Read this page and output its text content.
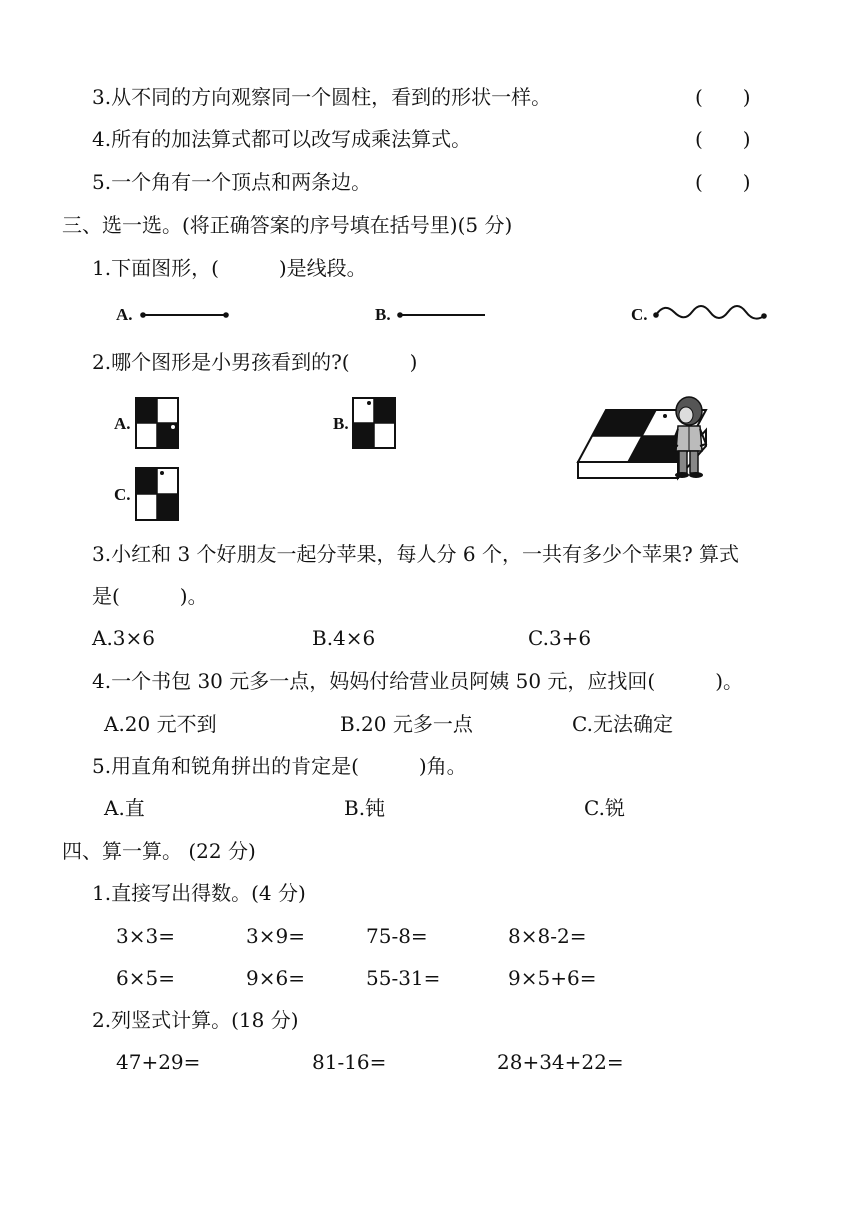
3.从不同的方向观察同一个圆柱，看到的形状一样。	(　　)
4.所有的加法算式都可以改写成乘法算式。	(　　)
5.一个角有一个顶点和两条边。	(　　)
三、选一选。(将正确答案的序号填在括号里)(5 分)
1.下面图形，(　　　)是线段。
A.	B.	C.
2.哪个图形是小男孩看到的?(　　　)
A.	B.
C.
3.小红和 3 个好朋友一起分苹果，每人分 6 个，一共有多少个苹果? 算式
是(　　　)。
A.3×6	B.4×6	C.3+6
4.一个书包 30 元多一点，妈妈付给营业员阿姨 50 元，应找回(　　　)。
A.20 元不到	B.20 元多一点	C.无法确定
5.用直角和锐角拼出的肯定是(　　　)角。
A.直	B.钝	C.锐
四、算一算。 (22 分)
1.直接写出得数。(4 分)
3×3=	3×9=	75-8=	8×8-2=
6×5=	9×6=	55-31=	9×5+6=
2.列竖式计算。(18 分)
47+29=	81-16=	28+34+22=
